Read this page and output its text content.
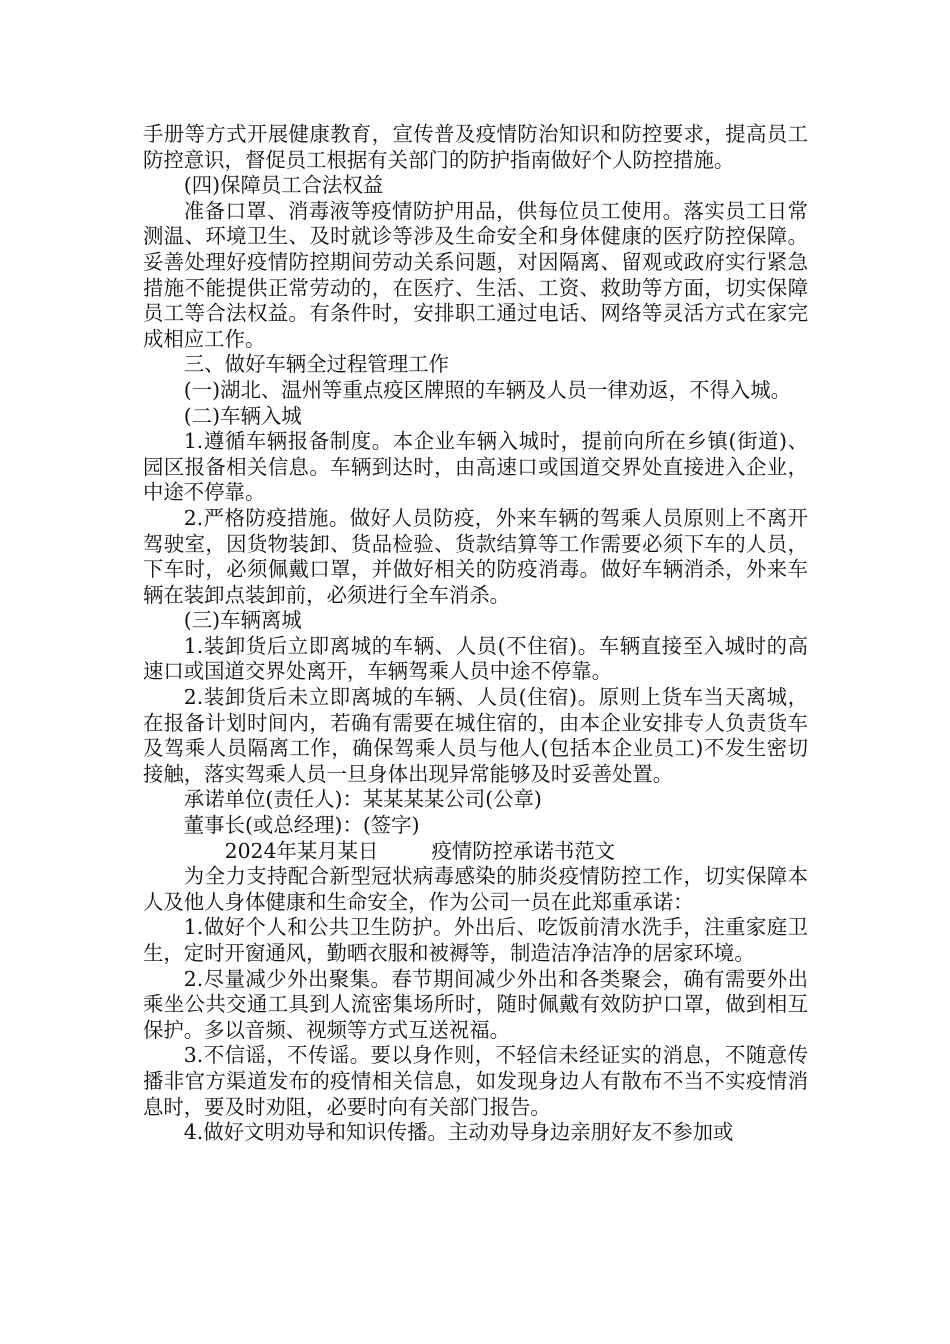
手册等方式开展健康教育，宣传普及疫情防治知识和防控要求，提高员工防控意识，督促员工根据有关部门的防护指南做好个人防控措施。

(四)保障员工合法权益

准备口罩、消毒液等疫情防护用品，供每位员工使用。落实员工日常测温、环境卫生、及时就诊等涉及生命安全和身体健康的医疗防控保障。妥善处理好疫情防控期间劳动关系问题，对因隔离、留观或政府实行紧急措施不能提供正常劳动的，在医疗、生活、工资、救助等方面，切实保障员工等合法权益。有条件时，安排职工通过电话、网络等灵活方式在家完成相应工作。

三、做好车辆全过程管理工作

(一)湖北、温州等重点疫区牌照的车辆及人员一律劝返，不得入城。

(二)车辆入城

1.遵循车辆报备制度。本企业车辆入城时，提前向所在乡镇(街道)、园区报备相关信息。车辆到达时，由高速口或国道交界处直接进入企业，中途不停靠。

2.严格防疫措施。做好人员防疫，外来车辆的驾乘人员原则上不离开驾驶室，因货物装卸、货品检验、货款结算等工作需要必须下车的人员，下车时，必须佩戴口罩，并做好相关的防疫消毒。做好车辆消杀，外来车辆在装卸点装卸前，必须进行全车消杀。

(三)车辆离城

1.装卸货后立即离城的车辆、人员(不住宿)。车辆直接至入城时的高速口或国道交界处离开，车辆驾乘人员中途不停靠。

2.装卸货后未立即离城的车辆、人员(住宿)。原则上货车当天离城，在报备计划时间内，若确有需要在城住宿的，由本企业安排专人负责货车及驾乘人员隔离工作，确保驾乘人员与他人(包括本企业员工)不发生密切接触，落实驾乘人员一旦身体出现异常能够及时妥善处置。

承诺单位(责任人)：某某某某公司(公章)

董事长(或总经理)：(签字)

2024年某月某日	疫情防控承诺书范文

为全力支持配合新型冠状病毒感染的肺炎疫情防控工作，切实保障本人及他人身体健康和生命安全，作为公司一员在此郑重承诺：

1.做好个人和公共卫生防护。外出后、吃饭前清水洗手，注重家庭卫生，定时开窗通风，勤晒衣服和被褥等，制造洁净洁净的居家环境。

2.尽量减少外出聚集。春节期间减少外出和各类聚会，确有需要外出乘坐公共交通工具到人流密集场所时，随时佩戴有效防护口罩，做到相互保护。多以音频、视频等方式互送祝福。

3.不信谣，不传谣。要以身作则，不轻信未经证实的消息，不随意传播非官方渠道发布的疫情相关信息，如发现身边人有散布不当不实疫情消息时，要及时劝阻，必要时向有关部门报告。

4.做好文明劝导和知识传播。主动劝导身边亲朋好友不参加或
